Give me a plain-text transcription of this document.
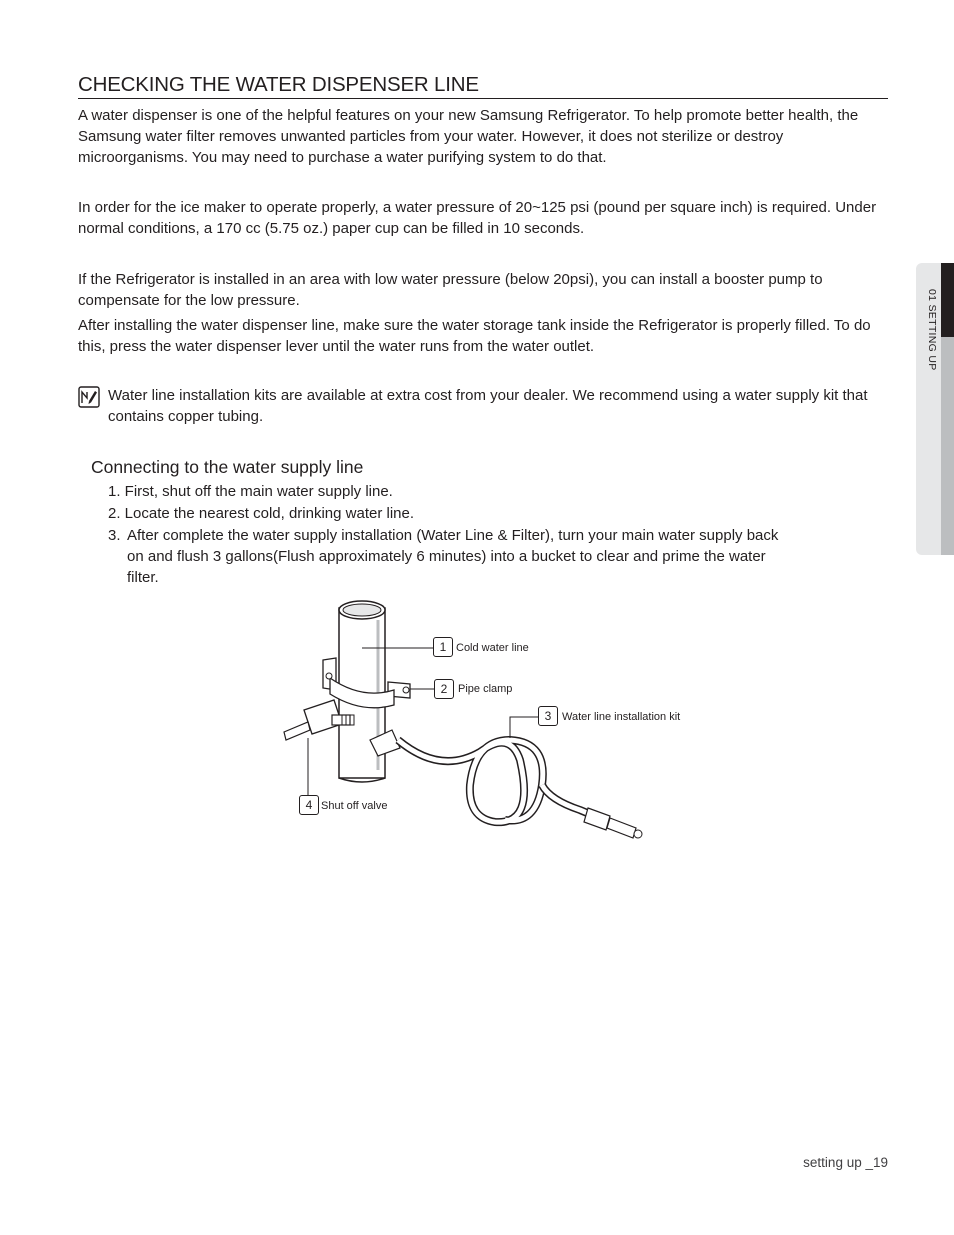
CHECKING THE WATER DISPENSER LINE

A water dispenser is one of the helpful features on your new Samsung Refrigerator. To help promote better health, the Samsung water filter removes unwanted particles from your water. However, it does not sterilize or destroy microorganisms. You may need to purchase a water purifying system to do that.

In order for the ice maker to operate properly, a water pressure of 20~125 psi (pound per square inch) is required. Under normal conditions, a 170 cc (5.75 oz.) paper cup can be filled in 10 seconds.

If the Refrigerator is installed in an area with low water pressure (below 20psi), you can install a booster pump to compensate for the low pressure.

After installing the water dispenser line, make sure the water storage tank inside the Refrigerator is properly filled. To do this, press the water dispenser lever until the water runs from the water outlet.

Water line installation kits are available at extra cost from your dealer. We recommend using a water supply kit that contains copper tubing.

Connecting to the water supply line

1. First, shut off the main water supply line.

2. Locate the nearest cold, drinking water line.

3. After complete the water supply installation (Water Line & Filter), turn your main water supply back on and flush 3 gallons(Flush approximately 6 minutes) into a bucket to clear and prime the water filter.

1 Cold water line
2 Pipe clamp
3 Water line installation kit
4 Shut off valve
01 SETTING UP
setting up _19
